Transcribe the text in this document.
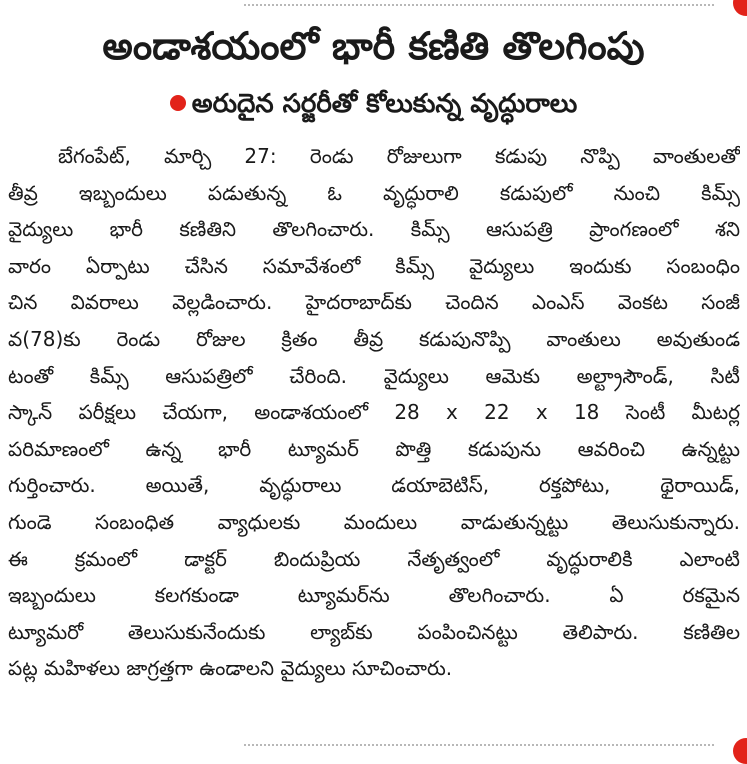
అండాశయంలో భారీ కణితి తొలగింపు
అరుదైన సర్జరీతో కోలుకున్న వృద్ధురాలు
బేగంపేట్, మార్చి 27: రెండు రోజులుగా కడుపు నొప్పి వాంతులతో
తీవ్ర ఇబ్బందులు పడుతున్న ఓ వృద్ధురాలి కడుపులో నుంచి కిమ్స్
వైద్యులు భారీ కణితిని తొలగించారు. కిమ్స్ ఆసుపత్రి ప్రాంగణంలో శని
వారం ఏర్పాటు చేసిన సమావేశంలో కిమ్స్ వైద్యులు ఇందుకు సంబంధిం
చిన వివరాలు వెల్లడించారు. హైదరాబాద్‌కు చెందిన ఎంఎస్ వెంకట సంజీ
వ(78)కు రెండు రోజుల క్రితం తీవ్ర కడుపునొప్పి వాంతులు అవుతుండ
టంతో కిమ్స్ ఆసుపత్రిలో చేరింది. వైద్యులు ఆమెకు అల్ట్రాసౌండ్, సిటీ
స్కాన్ పరీక్షలు చేయగా, అండాశయంలో 28 x 22 x 18 సెంటీ మీటర్ల
పరిమాణంలో ఉన్న భారీ ట్యూమర్ పొత్తి కడుపును ఆవరించి ఉన్నట్టు
గుర్తించారు. అయితే, వృద్ధురాలు డయాబెటిస్, రక్తపోటు, థైరాయిడ్,
గుండె సంబంధిత వ్యాధులకు మందులు వాడుతున్నట్టు తెలుసుకున్నారు.
ఈ క్రమంలో డాక్టర్ బిందుప్రియ నేతృత్వంలో వృద్ధురాలికి ఎలాంటి
ఇబ్బందులు కలగకుండా ట్యూమర్‌ను తొలగించారు. ఏ రకమైన
ట్యూమరో తెలుసుకునేందుకు ల్యాబ్‌కు పంపించినట్టు తెలిపారు. కణితిల
పట్ల మహిళలు జాగ్రత్తగా ఉండాలని వైద్యులు సూచించారు.
